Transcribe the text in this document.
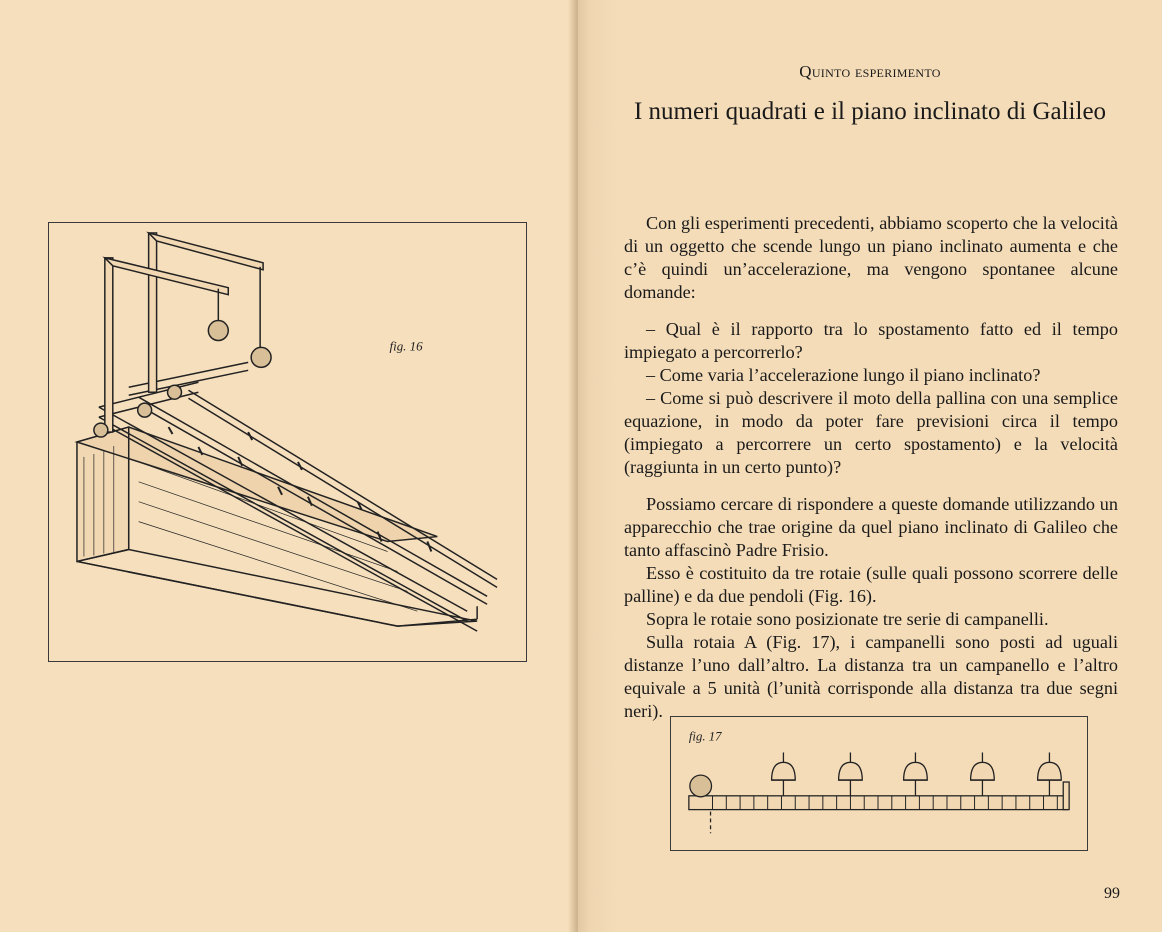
fig. 16
Quinto esperimento
I numeri quadrati e il piano inclinato di Galileo

Con gli esperimenti precedenti, abbiamo scoperto che la velocità di un oggetto che scende lungo un piano inclinato aumenta e che c’è quindi un’accelerazione, ma vengono spontanee alcune domande:

– Qual è il rapporto tra lo spostamento fatto ed il tempo impiegato a percorrerlo?

– Come varia l’accelerazione lungo il piano inclinato?

– Come si può descrivere il moto della pallina con una semplice equazione, in modo da poter fare previsioni circa il tempo (impiegato a percorrere un certo spostamento) e la velocità (raggiunta in un certo punto)?

Possiamo cercare di rispondere a queste domande utilizzando un apparecchio che trae origine da quel piano inclinato di Galileo che tanto affascinò Padre Frisio.

Esso è costituito da tre rotaie (sulle quali possono scorrere delle palline) e da due pendoli (Fig. 16).

Sopra le rotaie sono posizionate tre serie di campanelli.

Sulla rotaia A (Fig. 17), i campanelli sono posti ad uguali distanze l’uno dall’altro. La distanza tra un campanello e l’altro equivale a 5 unità (l’unità corrisponde alla distanza tra due segni neri).

fig. 17
99
